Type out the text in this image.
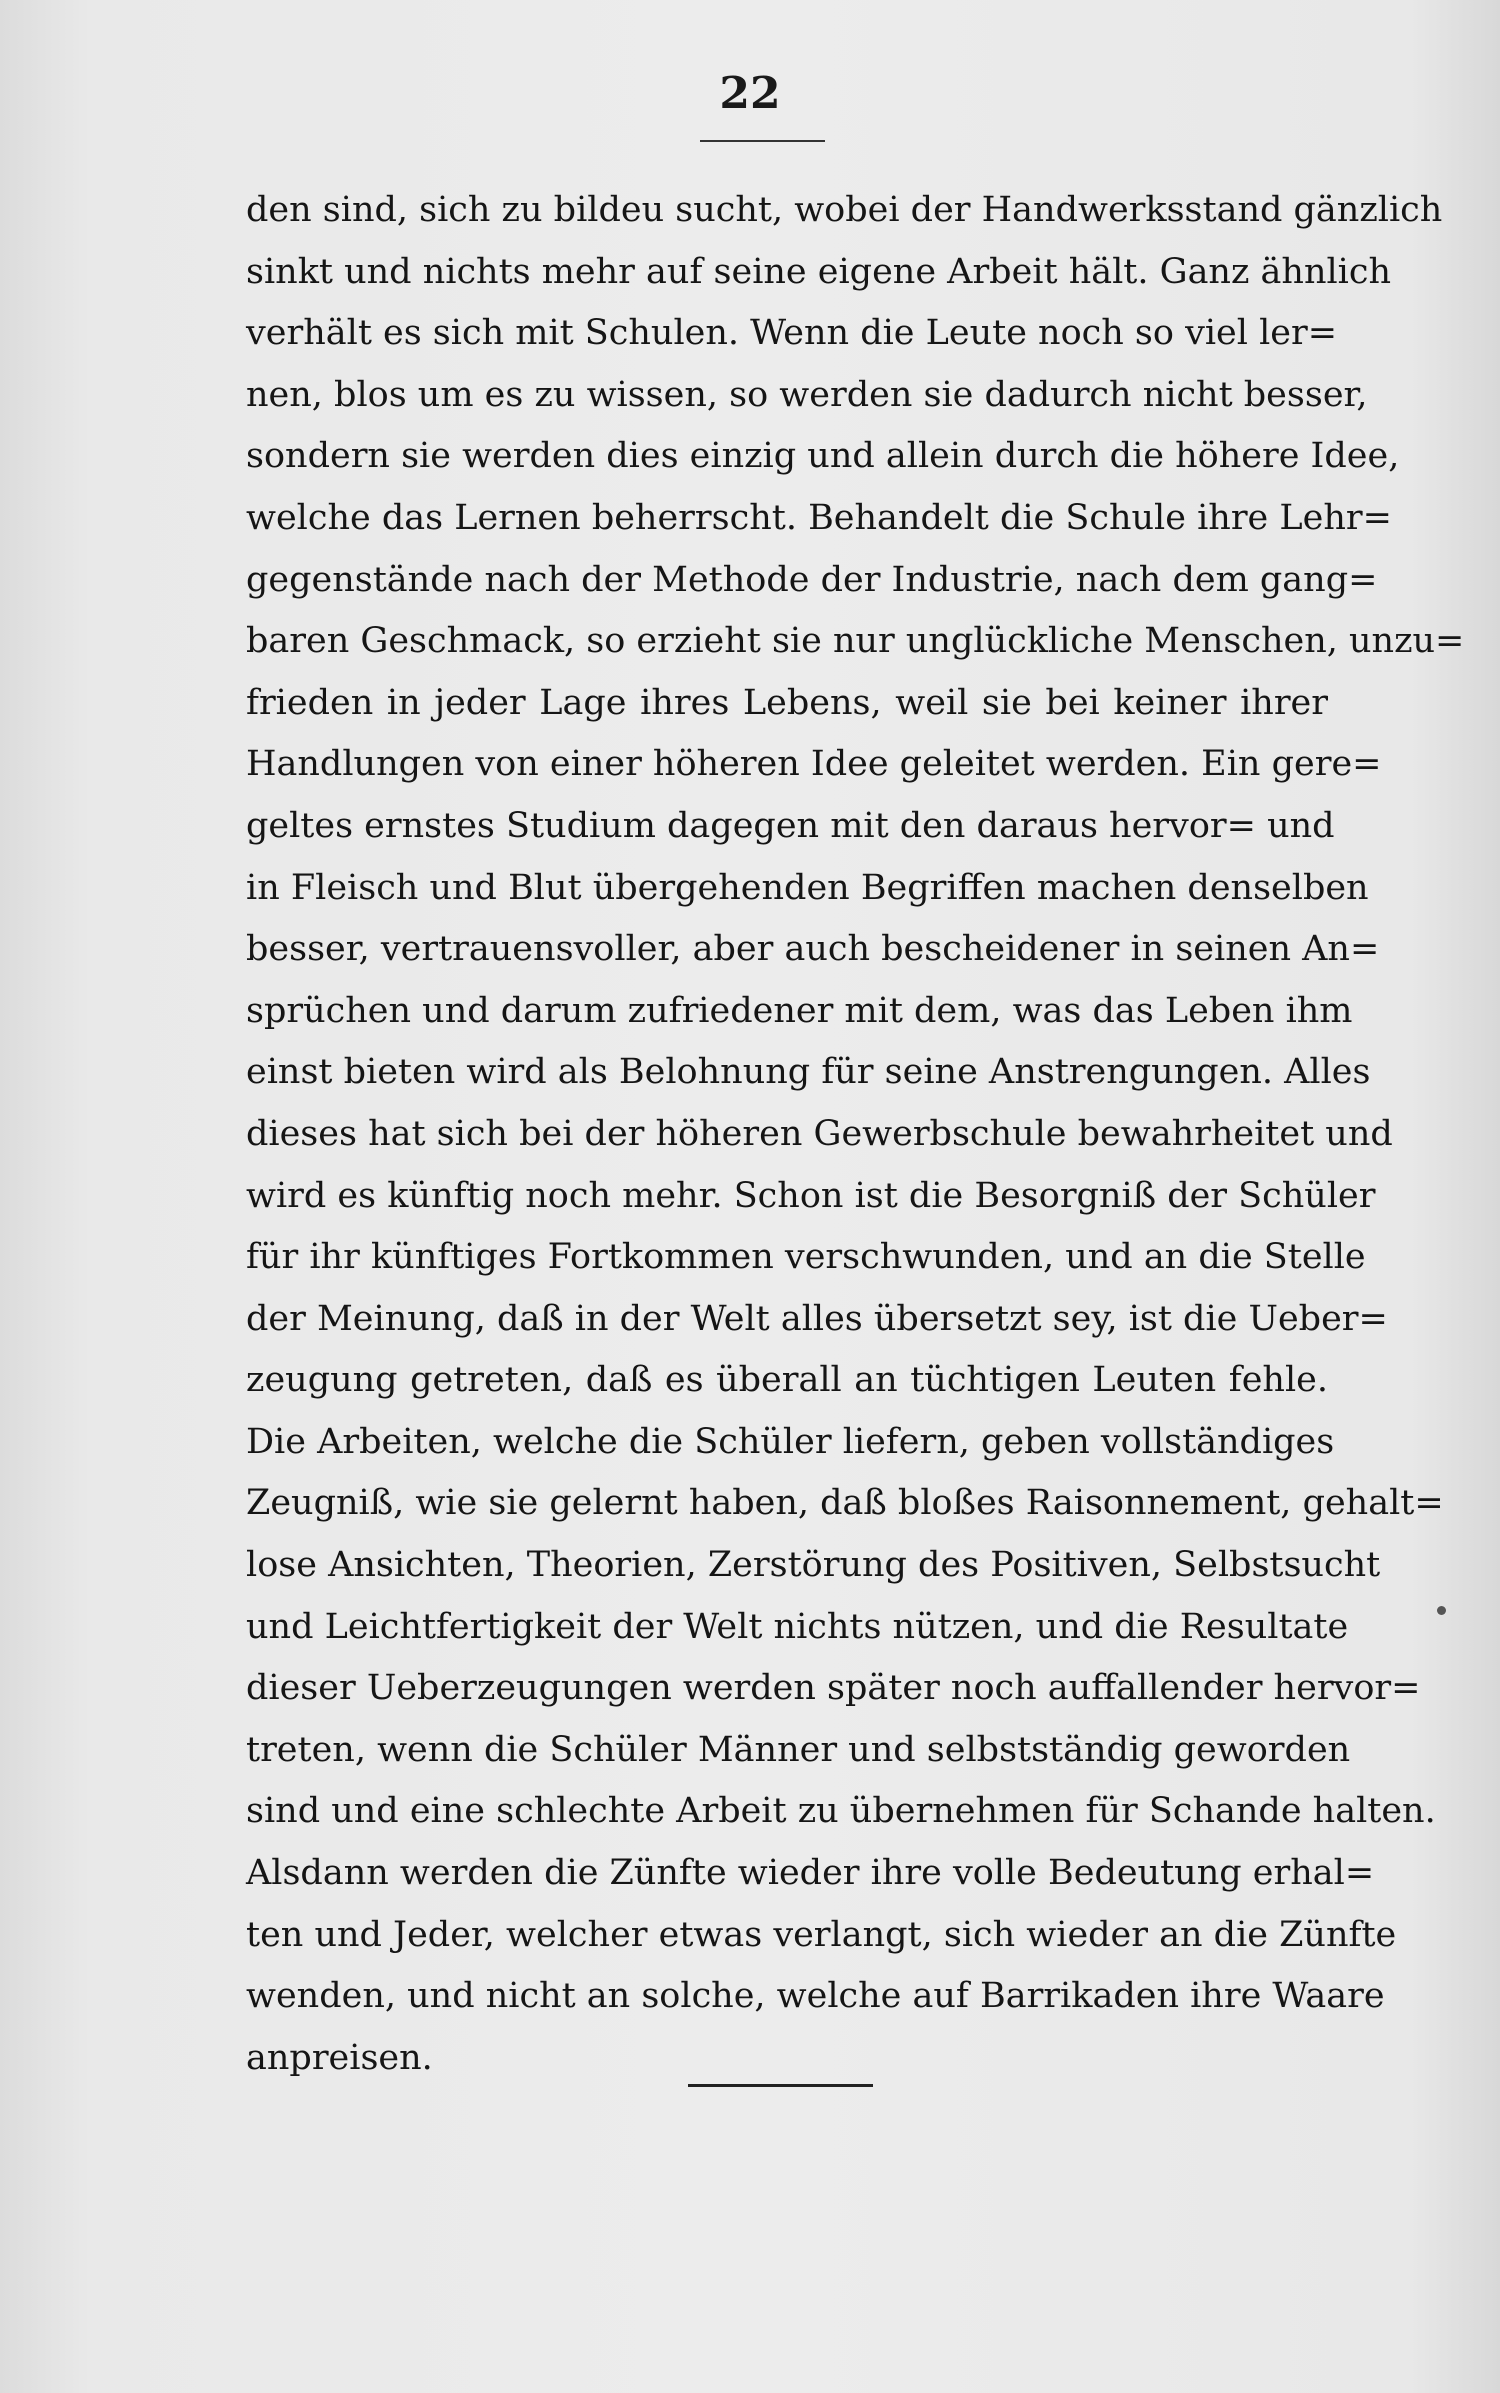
22
den sind, sich zu bildeu sucht, wobei der Handwerksstand gänzlich
sinkt und nichts mehr auf seine eigene Arbeit hält. Ganz ähnlich
verhält es sich mit Schulen. Wenn die Leute noch so viel ler=
nen, blos um es zu wissen, so werden sie dadurch nicht besser,
sondern sie werden dies einzig und allein durch die höhere Idee,
welche das Lernen beherrscht. Behandelt die Schule ihre Lehr=
gegenstände nach der Methode der Industrie, nach dem gang=
baren Geschmack, so erzieht sie nur unglückliche Menschen, unzu=
frieden in jeder Lage ihres Lebens, weil sie bei keiner ihrer
Handlungen von einer höheren Idee geleitet werden. Ein gere=
geltes ernstes Studium dagegen mit den daraus hervor= und
in Fleisch und Blut übergehenden Begriffen machen denselben
besser, vertrauensvoller, aber auch bescheidener in seinen An=
sprüchen und darum zufriedener mit dem, was das Leben ihm
einst bieten wird als Belohnung für seine Anstrengungen. Alles
dieses hat sich bei der höheren Gewerbschule bewahrheitet und
wird es künftig noch mehr. Schon ist die Besorgniß der Schüler
für ihr künftiges Fortkommen verschwunden, und an die Stelle
der Meinung, daß in der Welt alles übersetzt sey, ist die Ueber=
zeugung getreten, daß es überall an tüchtigen Leuten fehle.
Die Arbeiten, welche die Schüler liefern, geben vollständiges
Zeugniß, wie sie gelernt haben, daß bloßes Raisonnement, gehalt=
lose Ansichten, Theorien, Zerstörung des Positiven, Selbstsucht
und Leichtfertigkeit der Welt nichts nützen, und die Resultate
dieser Ueberzeugungen werden später noch auffallender hervor=
treten, wenn die Schüler Männer und selbstständig geworden
sind und eine schlechte Arbeit zu übernehmen für Schande halten.
Alsdann werden die Zünfte wieder ihre volle Bedeutung erhal=
ten und Jeder, welcher etwas verlangt, sich wieder an die Zünfte
wenden, und nicht an solche, welche auf Barrikaden ihre Waare
anpreisen.
